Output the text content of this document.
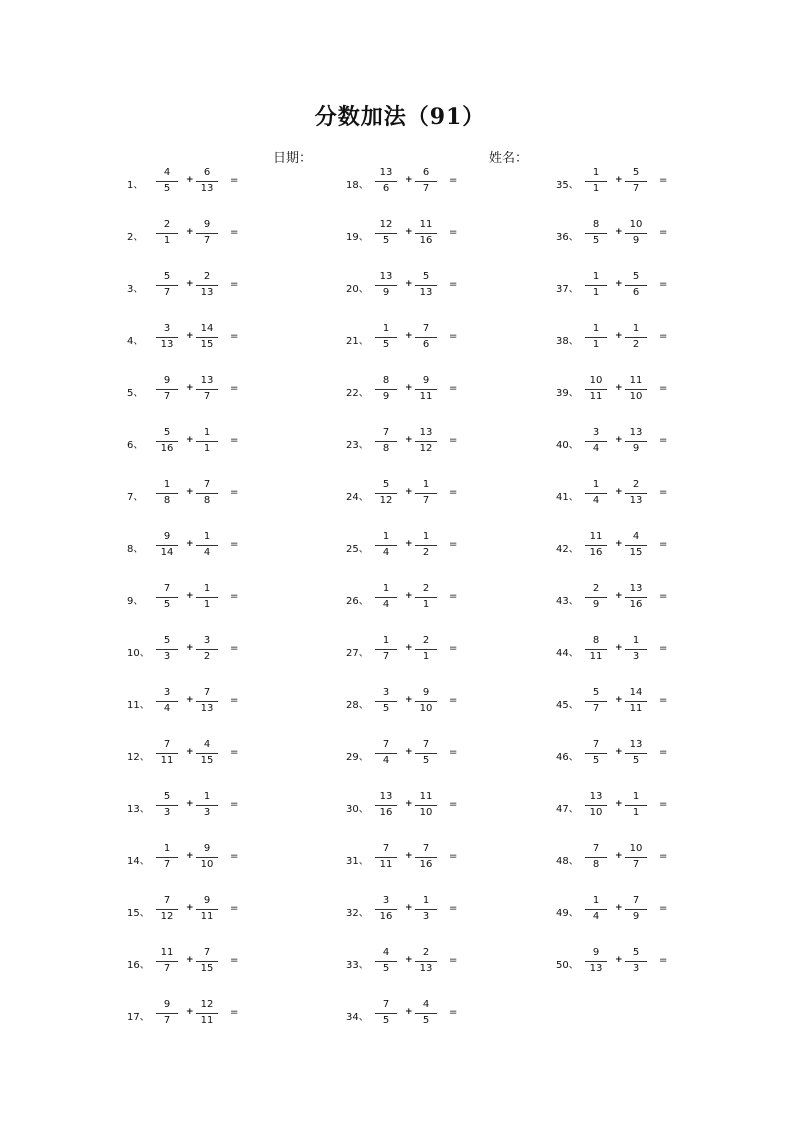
分数加法（91）
日期：	姓名：
1、
4
5
+
6
13
=
2、
2
1
+
9
7
=
3、
5
7
+
2
13
=
4、
3
13
+
14
15
=
5、
9
7
+
13
7
=
6、
5
16
+
1
1
=
7、
1
8
+
7
8
=
8、
9
14
+
1
4
=
9、
7
5
+
1
1
=
10、
5
3
+
3
2
=
11、
3
4
+
7
13
=
12、
7
11
+
4
15
=
13、
5
3
+
1
3
=
14、
1
7
+
9
10
=
15、
7
12
+
9
11
=
16、
11
7
+
7
15
=
17、
9
7
+
12
11
=
18、
13
6
+
6
7
=
19、
12
5
+
11
16
=
20、
13
9
+
5
13
=
21、
1
5
+
7
6
=
22、
8
9
+
9
11
=
23、
7
8
+
13
12
=
24、
5
12
+
1
7
=
25、
1
4
+
1
2
=
26、
1
4
+
2
1
=
27、
1
7
+
2
1
=
28、
3
5
+
9
10
=
29、
7
4
+
7
5
=
30、
13
16
+
11
10
=
31、
7
11
+
7
16
=
32、
3
16
+
1
3
=
33、
4
5
+
2
13
=
34、
7
5
+
4
5
=
35、
1
1
+
5
7
=
36、
8
5
+
10
9
=
37、
1
1
+
5
6
=
38、
1
1
+
1
2
=
39、
10
11
+
11
10
=
40、
3
4
+
13
9
=
41、
1
4
+
2
13
=
42、
11
16
+
4
15
=
43、
2
9
+
13
16
=
44、
8
11
+
1
3
=
45、
5
7
+
14
11
=
46、
7
5
+
13
5
=
47、
13
10
+
1
1
=
48、
7
8
+
10
7
=
49、
1
4
+
7
9
=
50、
9
13
+
5
3
=
